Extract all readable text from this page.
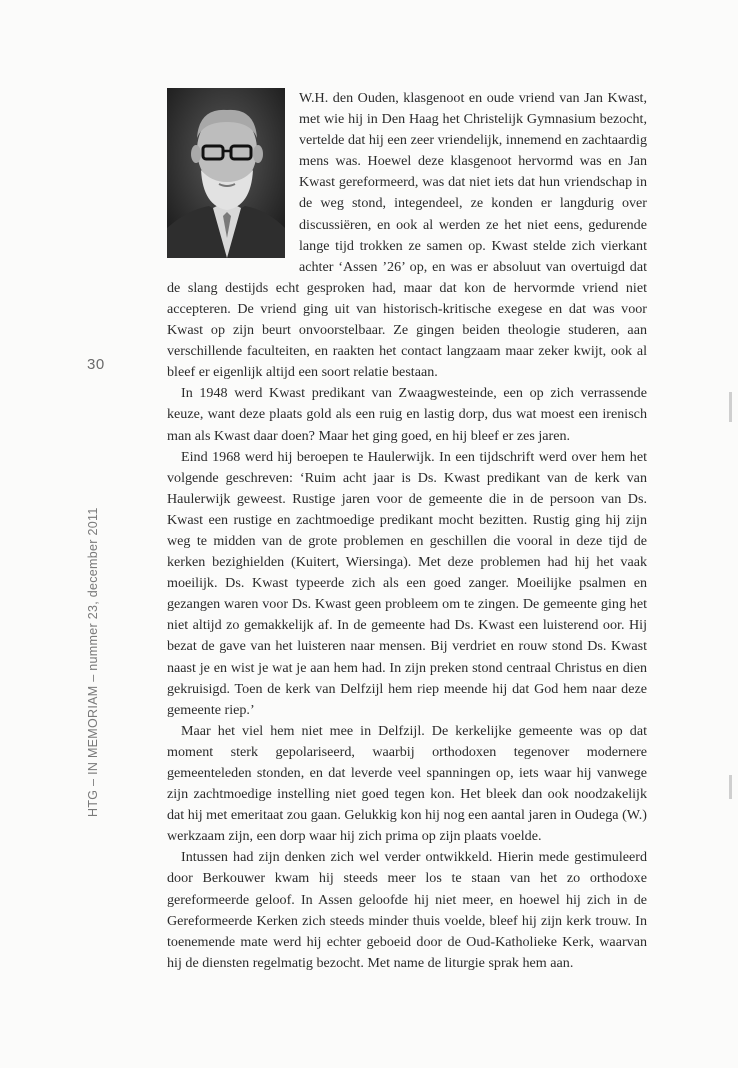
30
HTG – IN MEMORIAM – nummer 23, december 2011

W.H. den Ouden, klasgenoot en oude vriend van Jan Kwast, met wie hij in Den Haag het Christelijk Gymnasium bezocht, vertelde dat hij een zeer vriendelijk, innemend en zachtaardig mens was. Hoewel deze klasgenoot hervormd was en Jan Kwast gereformeerd, was dat niet iets dat hun vriendschap in de weg stond, integendeel, ze konden er langdurig over discussiëren, en ook al werden ze het niet eens, gedurende lange tijd trokken ze samen op. Kwast stelde zich vierkant achter ‘Assen ’26’ op, en was er absoluut van overtuigd dat de slang destijds echt gesproken had, maar dat kon de hervormde vriend niet accepteren. De vriend ging uit van historisch-kritische exegese en dat was voor Kwast op zijn beurt onvoorstelbaar. Ze gingen beiden theologie studeren, aan verschillende faculteiten, en raakten het contact langzaam maar zeker kwijt, ook al bleef er eigenlijk altijd een soort relatie bestaan.

In 1948 werd Kwast predikant van Zwaagwesteinde, een op zich verrassende keuze, want deze plaats gold als een ruig en lastig dorp, dus wat moest een irenisch man als Kwast daar doen? Maar het ging goed, en hij bleef er zes jaren.

Eind 1968 werd hij beroepen te Haulerwijk. In een tijdschrift werd over hem het volgende geschreven: ‘Ruim acht jaar is Ds. Kwast predikant van de kerk van Haulerwijk geweest. Rustige jaren voor de gemeente die in de persoon van Ds. Kwast een rustige en zachtmoedige predikant mocht bezitten. Rustig ging hij zijn weg te midden van de grote problemen en geschillen die vooral in deze tijd de kerken bezighielden (Kuitert, Wiersinga). Met deze problemen had hij het vaak moeilijk. Ds. Kwast typeerde zich als een goed zanger. Moeilijke psalmen en gezangen waren voor Ds. Kwast geen probleem om te zingen. De gemeente ging het niet altijd zo gemakkelijk af. In de gemeente had Ds. Kwast een luisterend oor. Hij bezat de gave van het luisteren naar mensen. Bij verdriet en rouw stond Ds. Kwast naast je en wist je wat je aan hem had. In zijn preken stond centraal Christus en dien gekruisigd. Toen de kerk van Delfzijl hem riep meende hij dat God hem naar deze gemeente riep.’

Maar het viel hem niet mee in Delfzijl. De kerkelijke gemeente was op dat moment sterk gepolariseerd, waarbij orthodoxen tegenover modernere gemeenteleden stonden, en dat leverde veel spanningen op, iets waar hij vanwege zijn zachtmoedige instelling niet goed tegen kon. Het bleek dan ook noodzakelijk dat hij met emeritaat zou gaan. Gelukkig kon hij nog een aantal jaren in Oudega (W.) werkzaam zijn, een dorp waar hij zich prima op zijn plaats voelde.

Intussen had zijn denken zich wel verder ontwikkeld. Hierin mede gestimuleerd door Berkouwer kwam hij steeds meer los te staan van het zo orthodoxe gereformeerde geloof. In Assen geloofde hij niet meer, en hoewel hij zich in de Gereformeerde Kerken zich steeds minder thuis voelde, bleef hij zijn kerk trouw. In toenemende mate werd hij echter geboeid door de Oud-Katholieke Kerk, waarvan hij de diensten regelmatig bezocht. Met name de liturgie sprak hem aan.
